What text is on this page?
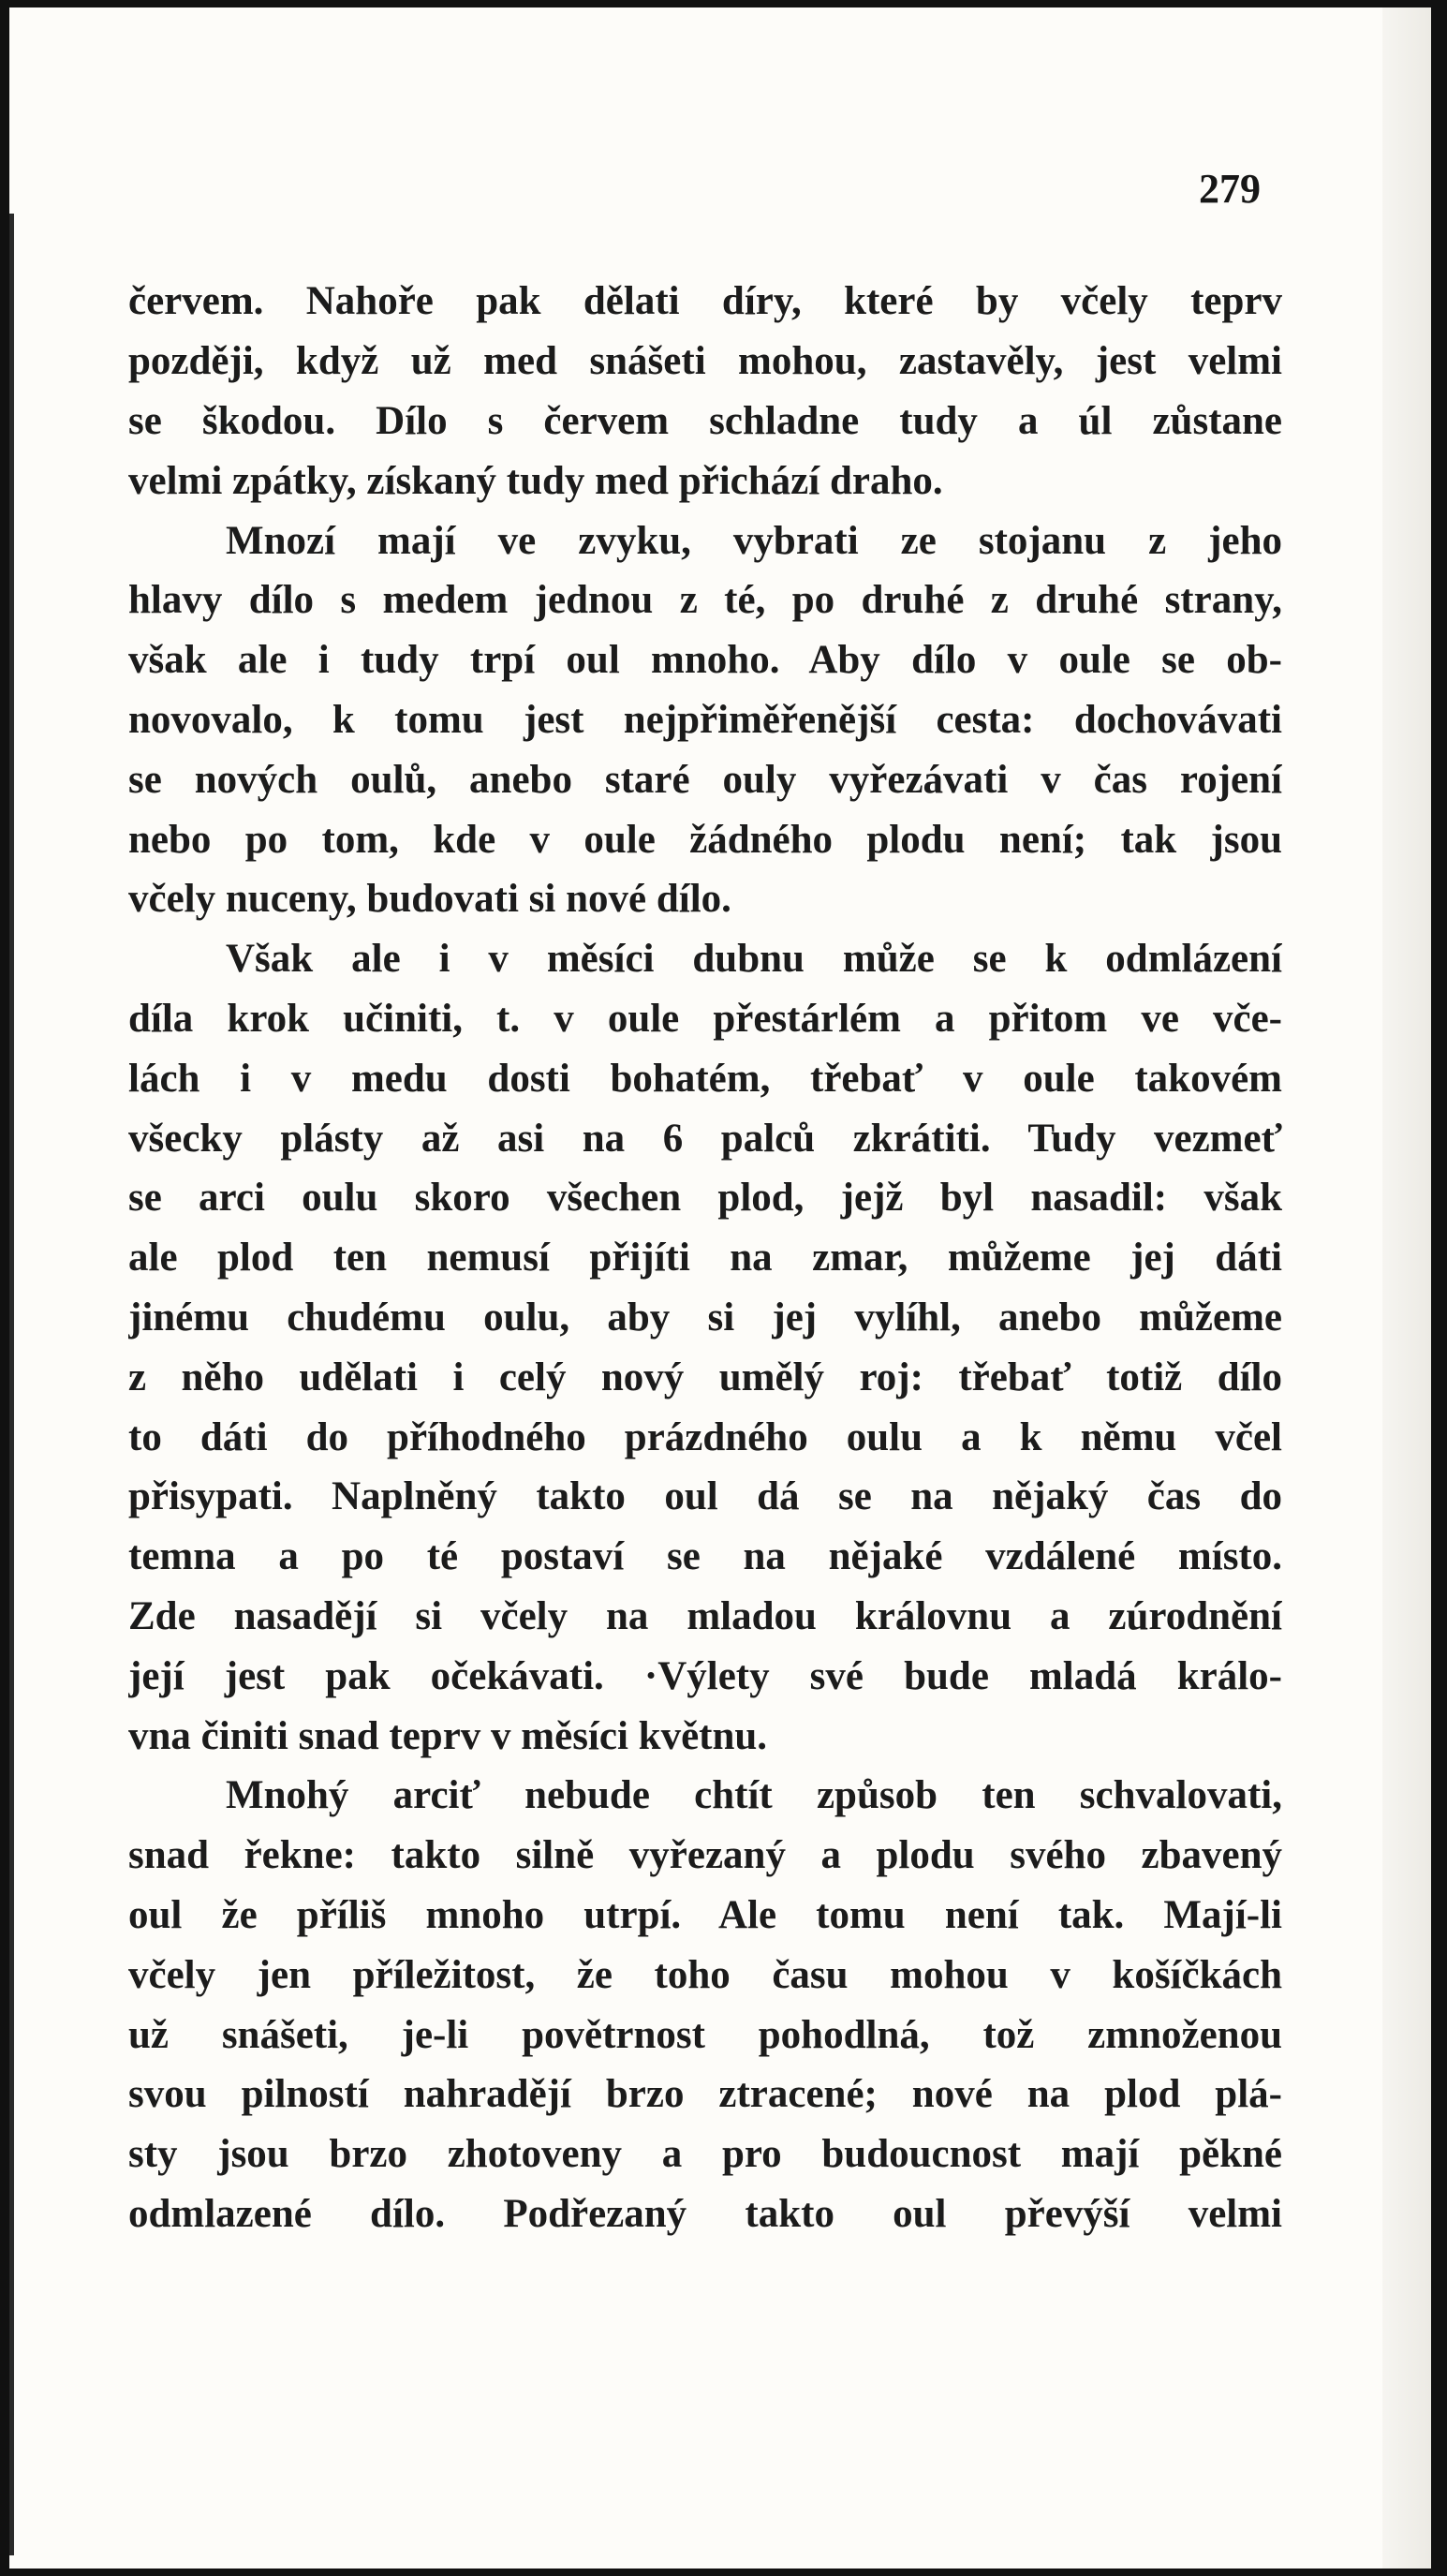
279
červem. Nahoře pak dělati díry, které by včely teprv
později, když už med snášeti mohou, zastavěly, jest velmi
se škodou. Dílo s červem schladne tudy a úl zůstane
velmi zpátky, získaný tudy med přichází draho.
Mnozí mají ve zvyku, vybrati ze stojanu z jeho
hlavy dílo s medem jednou z té, po druhé z druhé strany,
však ale i tudy trpí oul mnoho. Aby dílo v oule se ob-
novovalo, k tomu jest nejpřiměřenější cesta: dochovávati
se nových oulů, anebo staré ouly vyřezávati v čas rojení
nebo po tom, kde v oule žádného plodu není; tak jsou
včely nuceny, budovati si nové dílo.
Však ale i v měsíci dubnu může se k odmlázení
díla krok učiniti, t. v oule přestárlém a přitom ve vče-
lách i v medu dosti bohatém, třebať v oule takovém
všecky plásty až asi na 6 palců zkrátiti. Tudy vezmeť
se arci oulu skoro všechen plod, jejž byl nasadil: však
ale plod ten nemusí přijíti na zmar, můžeme jej dáti
jinému chudému oulu, aby si jej vylíhl, anebo můžeme
z něho udělati i celý nový umělý roj: třebať totiž dílo
to dáti do příhodného prázdného oulu a k němu včel
přisypati. Naplněný takto oul dá se na nějaký čas do
temna a po té postaví se na nějaké vzdálené místo.
Zde nasadějí si včely na mladou královnu a zúrodnění
její jest pak očekávati. ·Výlety své bude mladá králo-
vna činiti snad teprv v měsíci květnu.
Mnohý arciť nebude chtít způsob ten schvalovati,
snad řekne: takto silně vyřezaný a plodu svého zbavený
oul že příliš mnoho utrpí. Ale tomu není tak. Mají-li
včely jen příležitost, že toho času mohou v košíčkách
už snášeti, je-li povětrnost pohodlná, tož zmnoženou
svou pilností nahradějí brzo ztracené; nové na plod plá-
sty jsou brzo zhotoveny a pro budoucnost mají pěkné
odmlazené dílo. Podřezaný takto oul převýší velmi
